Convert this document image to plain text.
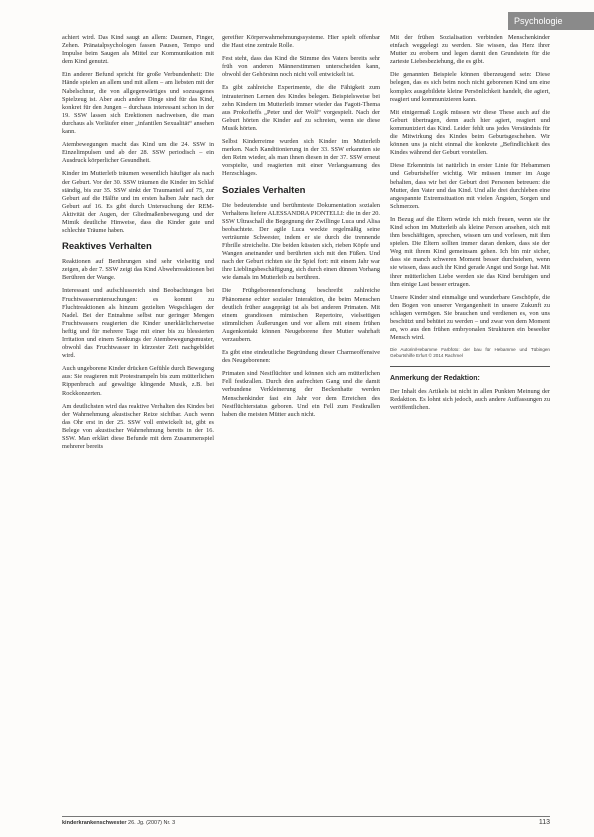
Psychologie

achiert wird. Das Kind saugt an allem: Daumen, Finger, Zehen. Pränatalpsychologen fassen Pausen, Tempo und Impulse beim Saugen als Mittel zur Kommunikation mit dem Kind genutzt.

Ein anderer Befund spricht für große Verbundenheit: Die Hände spielen an allem und mit allem – am liebsten mit der Nabelschnur, die von allgegenwärtiges und sozusagenes Spielzeug ist. Aber auch andere Dinge sind für das Kind, konkret für den Jungen – durchaus interessant schon in der 19. SSW lassen sich Erektionen nachweisen, die man durchaus als Vorläufer einer „infantilen Sexualität“ ansehen kann.

Atembewegungen macht das Kind um die 24. SSW in Einzelimpulsen und ab der 28. SSW periodisch – ein Ausdruck körperlicher Gesundheit.

Kinder im Mutterleib träumen wesentlich häufiger als nach der Geburt. Vor der 30. SSW träumen die Kinder im Schlaf ständig, bis zur 35. SSW sinkt der Traumanteil auf 75, zur Geburt auf die Hälfte und im ersten halben Jahr nach der Geburt auf 16. Es gibt durch Untersuchung der REM-Aktivität der Augen, der Gliedmaßenbewegung und der Mimik deutliche Hinweise, dass die Kinder gute und schlechte Träume haben.

Reaktives Verhalten

Reaktionen auf Berührungen sind sehr vielseitig und zeigen, ab der 7. SSW zeigt das Kind Abwehrreaktionen bei Berühren der Wange.

Interessant und aufschlussreich sind Beobachtungen bei Fruchtwasseruntersuchungen: es kommt zu Fluchtreaktionen als hinzum gezielten Wegschlagen der Nadel. Bei der Entnahme selbst nur geringer Mengen Fruchtwassers reagierten die Kinder unerklärlicherweise heftig und für mehrere Tage mit einer bis zu blessierten Irritation und einem Senkungs der Atembewegungsmuster, obwohl das Fruchtwasser in kürzester Zeit nachgebildet wird.

Auch ungeborene Kinder drücken Gefühle durch Bewegung aus: Sie reagieren mit Protestrampeln bis zum mütterlichen Rippenbruch auf gewaltige klingende Musik, z.B. bei Rockkonzerten.

Am deutlichsten wird das reaktive Verhalten des Kindes bei der Wahrnehmung akustischer Reize sichtbar. Auch wenn das Ohr erst in der 25. SSW voll entwickelt ist, gibt es Belege von akustischer Wahrnehmung bereits in der 16. SSW. Man erklärt diese Befunde mit dem Zusammenspiel mehrerer bereits

gereifter Körperwahrnehmungssysteme. Hier spielt offenbar die Haut eine zentrale Rolle.

Fest steht, dass das Kind die Stimme des Vaters bereits sehr früh von anderen Männerstimmen unterscheiden kann, obwohl der Gehörsinn noch nicht voll entwickelt ist.

Es gibt zahlreiche Experimente, die die Fähigkeit zum intrauterinen Lernen des Kindes belegen. Beispielsweise bei zehn Kindern im Mutterleib immer wieder das Fagott-Thema aus Prokofieffs „Peter und der Wolf“ vorgespielt. Nach der Geburt hörten die Kinder auf zu schreien, wenn sie diese Musik hörten.

Selbst Kinderreime wurden sich Kinder im Mutterleib merken. Nach Kanditionierung in der 33. SSW erkannten sie den Reim wieder, als man ihnen diesen in der 37. SSW erneut vorspielte, und reagierten mit einer Verlangsamung des Herzschlages.

Soziales Verhalten

Die bedeutendste und berühmteste Dokumentation sozialen Verhaltens liefere ALESSANDRA PIONTELLI: die in der 20. SSW Ultraschall die Begegnung der Zwillinge Luca und Alisa beobachtete. Der agile Luca weckte regelmäßig seine verträumte Schwester, indem er sie durch die trennende Fibrille streichelte. Die beiden küssten sich, rieben Köpfe und Wangen aneinander und berührten sich mit den Füßen. Und nach der Geburt richten sie ihr Spiel fort: mit einem Jahr war ihre Lieblingsbeschäftigung, sich durch einen dünnen Vorhang wie damals im Mutterleib zu berühren.

Die Frühgeborenenforschung beschreibt zahlreiche Phänomene echter sozialer Interaktion, die beim Menschen deutlich früher ausgeprägt ist als bei anderen Primaten. Mit einem grandiosen mimischen Repertoire, vielseitigen stimmlichen Äußerungen und vor allem mit einem frühen Augenkontakt können Neugeborene ihre Mutter wahrhaft verzaubern.

Es gibt eine eindeutliche Begründung dieser Charmeoffensive des Neugeborenen:

Primaten sind Nestflüchter und können sich am mütterlichen Fell festkrallen. Durch den aufrechten Gang und die damit verbundene Verkleinerung der Beckenhatte werden Menschenkinder fast ein Jahr vor dem Erreichen des Nestflüchterstatus geboren. Und ein Fell zum Festkrallen haben die meisten Mütter auch nicht.

Mit der frühen Sozialisation verbinden Menschenkinder einfach weggelegt zu werden. Sie wissen, das Herz ihrer Mutter zu erobern und legen damit den Grundstein für die zarteste Liebesbeziehung, die es gibt.

Die genannten Beispiele können überzeugend sein: Diese belegen, das es sich beim noch nicht geborenen Kind um eine komplex ausgebildete kleine Persönlichkeit handelt, die agiert, reagiert und kommunizieren kann.

Mit einigermaß Logik müssen wir diese These auch auf die Geburt übertragen, denn auch hier agiert, reagiert und kommuniziert das Kind. Leider fehlt uns jedes Verständnis für die Mitwirkung des Kindes beim Geburtsgeschehen. Wir können uns ja nicht einmal die konkrete „Befindlichkeit des Kindes während der Geburt vorstellen.

Diese Erkenntnis ist natürlich in erster Linie für Hebammen und Geburtshelfer wichtig. Wir müssen immer im Auge behalten, dass wir bei der Geburt drei Personen betreuen: die Mutter, den Vater und das Kind. Und alle drei durchleben eine angespannte Extremsituation mit vielen Ängsten, Sorgen und Schmerzen.

In Bezug auf die Eltern würde ich mich freuen, wenn sie ihr Kind schon im Mutterleib als kleine Person ansehen, sich mit ihm beschäftigen, sprechen, wissen um und vorlesen, mit ihm spielen. Die Eltern sollten immer daran denken, dass sie der Weg mit ihrem Kind gemeinsam gehen. Ich bin mir sicher, dass sie manch schweren Moment besser durchstehen, wenn sie wissen, dass auch ihr Kind gerade Angst und Sorge hat. Mit ihrer mütterlichen Liebe werden sie das Kind beruhigen und ihm einige Last besser ertragen.

Unsere Kinder sind einmalige und wunderbare Geschöpfe, die den Bogen von unserer Vergangenheit in unsere Zukunft zu schlagen vermögen. Sie brauchen und verdienen es, von uns beschützt und behütet zu werden – und zwar von dem Moment an, wo aus den frühen embryonalen Strukturen ein beseelter Mensch wird.

Die Autorin/Hebamme Farbfoto: der bau für Hebamme und Tübingen Geburtshilfe Erfurt © 2014 Rachmel
Anmerkung der Redaktion:

Der Inhalt des Artikels ist nicht in allen Punkten Meinung der Redaktion. Es lohnt sich jedoch, auch andere Auffassungen zu veröffentlichen.

kinderkrankenschwester 26. Jg. (2007) Nr. 3	113
